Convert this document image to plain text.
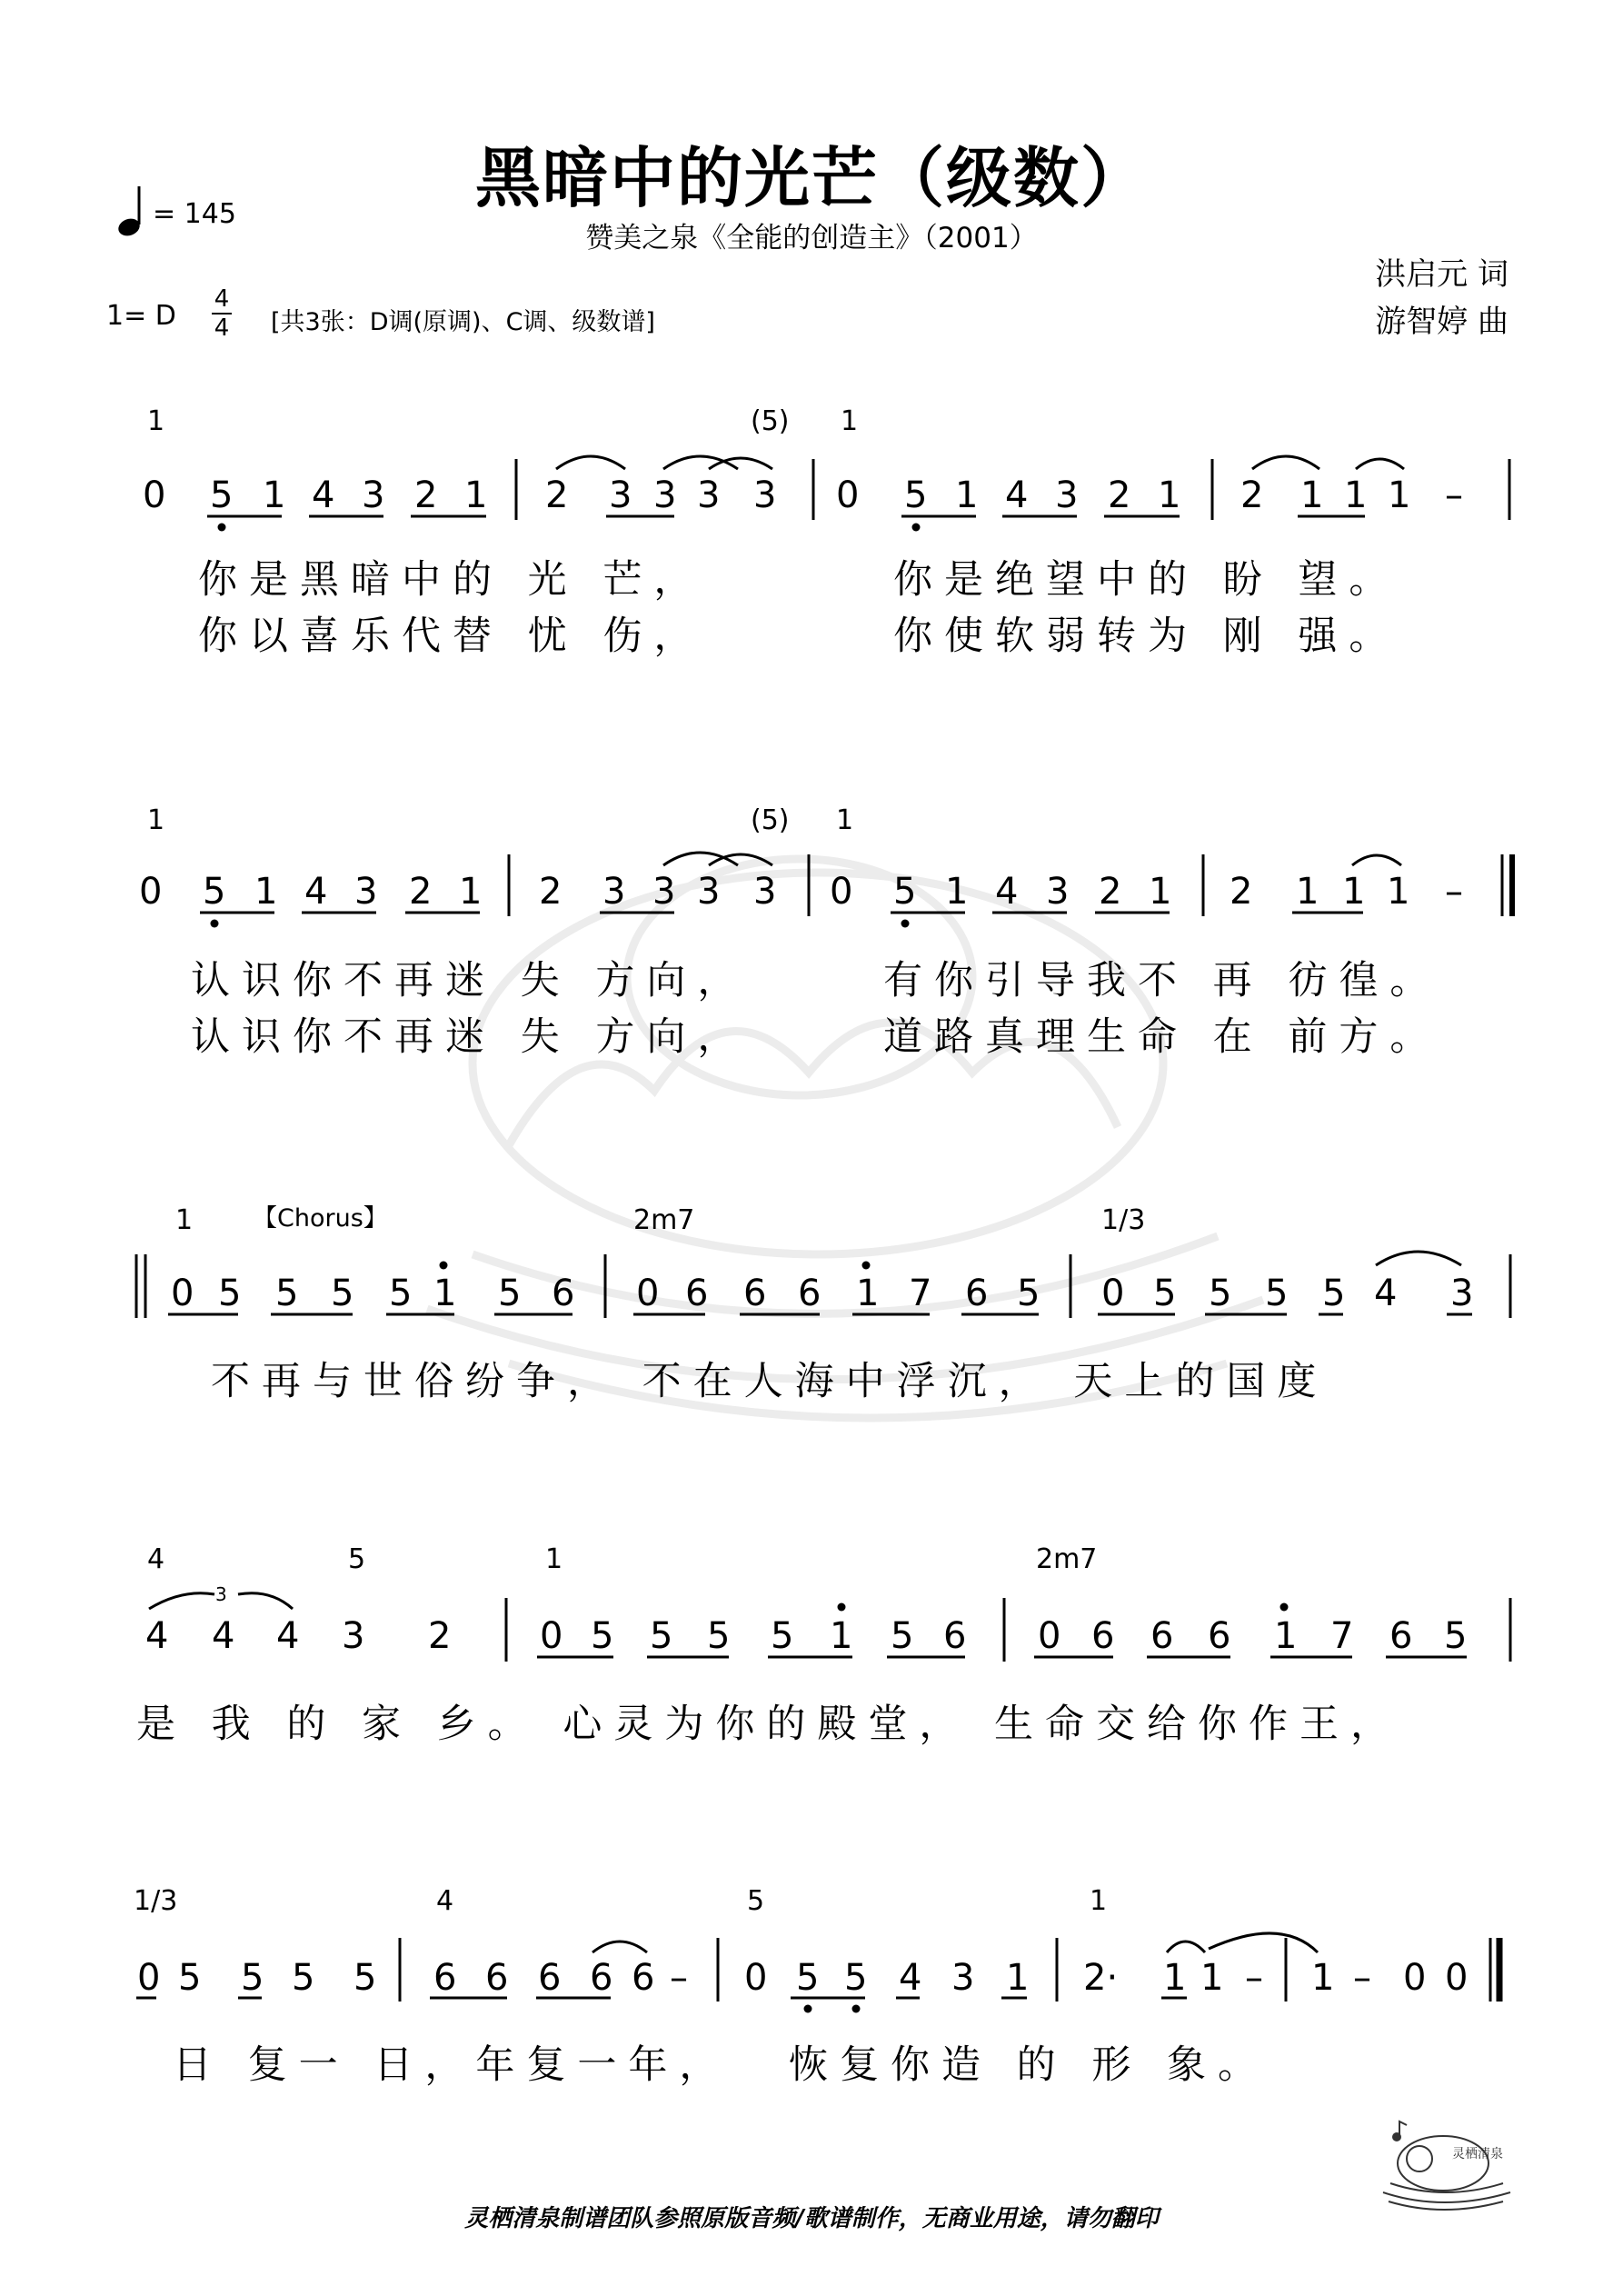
黑暗中的光芒（级数）
赞美之泉《全能的创造主》（2001）
= 145
1= D
4
4 [共3张：D调(原调)、C调、级数谱]
洪启元 词
游智婷 曲
1	(5) 1
0 5 1 4 3 2 1 2 3 3 3 3 0 5 1 4 3 2 1 2 1 1 1 –
你是黑暗中的 光 芒，
你以喜乐代替 忧 伤，
你是绝望中的 盼 望。
你使软弱转为 刚 强。
1	(5) 1
0 5 1 4 3 2 1 2 3 3 3 3 0 5 1 4 3 2 1 2 1 1 1 –
认识你不再迷 失 方向，
认识你不再迷 失 方向，
有你引导我不 再 彷徨。
道路真理生命 在 前方。
1 【Chorus】	2m7	1/3
0 5 5 5 5 1 5 6 0 6 6 6 1 7 6 5 0 5 5 5 5 4 3
不再与世俗纷争， 不在人海中浮沉， 天上的国度
4	5	1	2m7
3
4 4 4 3 2 0 5 5 5 5 1 5 6 0 6 6 6 1 7 6 5
是 我 的 家 乡。 心灵为你的殿堂， 生命交给你作王，
1/3	4	5	1
0 5 5 5 5 6 6 6 6 6 – 0 5 5 4 3 1 2· 1 1 – 1 – 0 0
日 复一 日，年复一年， 恢复你造 的 形 象。
灵栖清泉制谱团队参照原版音频/歌谱制作，无商业用途，请勿翻印
灵栖清泉
